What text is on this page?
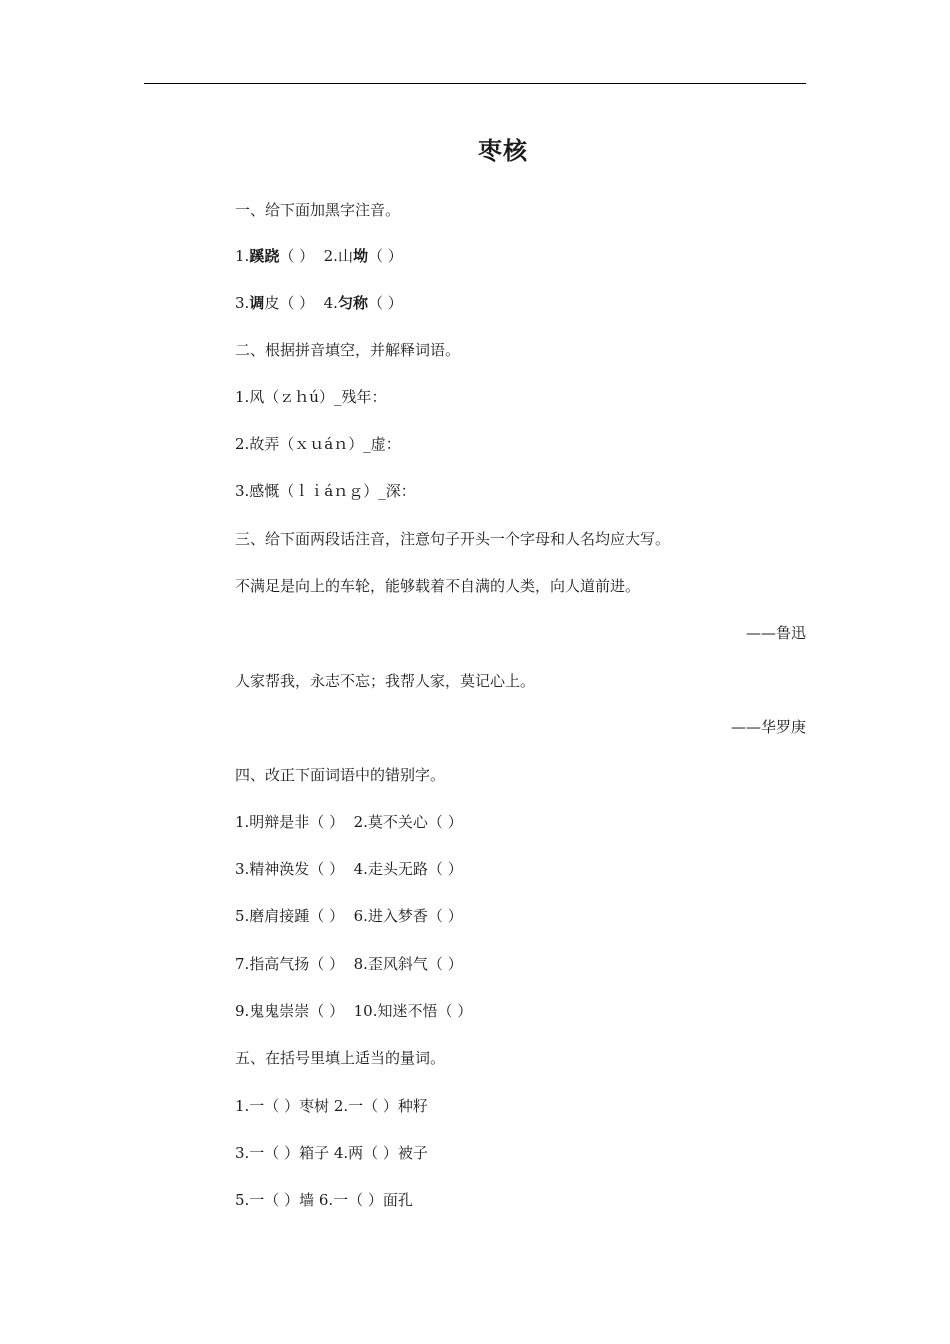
枣核
一、给下面加黑字注音。
1.蹊跷（ ）  2.山坳（ ）
3.调皮（ ）  4.匀称（ ）
二、根据拼音填空，并解释词语。
1.风（ｚｈú）_残年：
2.故弄（ｘｕáｎ）_虚：
3.感慨（ｌｉáｎｇ）_深：
三、给下面两段话注音，注意句子开头一个字母和人名均应大写。
不满足是向上的车轮，能够载着不自满的人类，向人道前进。
——鲁迅
人家帮我，永志不忘；我帮人家，莫记心上。
——华罗庚
四、改正下面词语中的错别字。
1.明辩是非（ ）  2.莫不关心（ ）
3.精神涣发（ ）  4.走头无路（ ）
5.磨肩接踵（ ）  6.进入梦香（ ）
7.指高气扬（ ）  8.歪风斜气（ ）
9.鬼鬼崇崇（ ）  10.知迷不悟（ ）
五、在括号里填上适当的量词。
1.一（ ）枣树 2.一（ ）种籽
3.一（ ）箱子 4.两（ ）被子
5.一（ ）墙 6.一（ ）面孔
